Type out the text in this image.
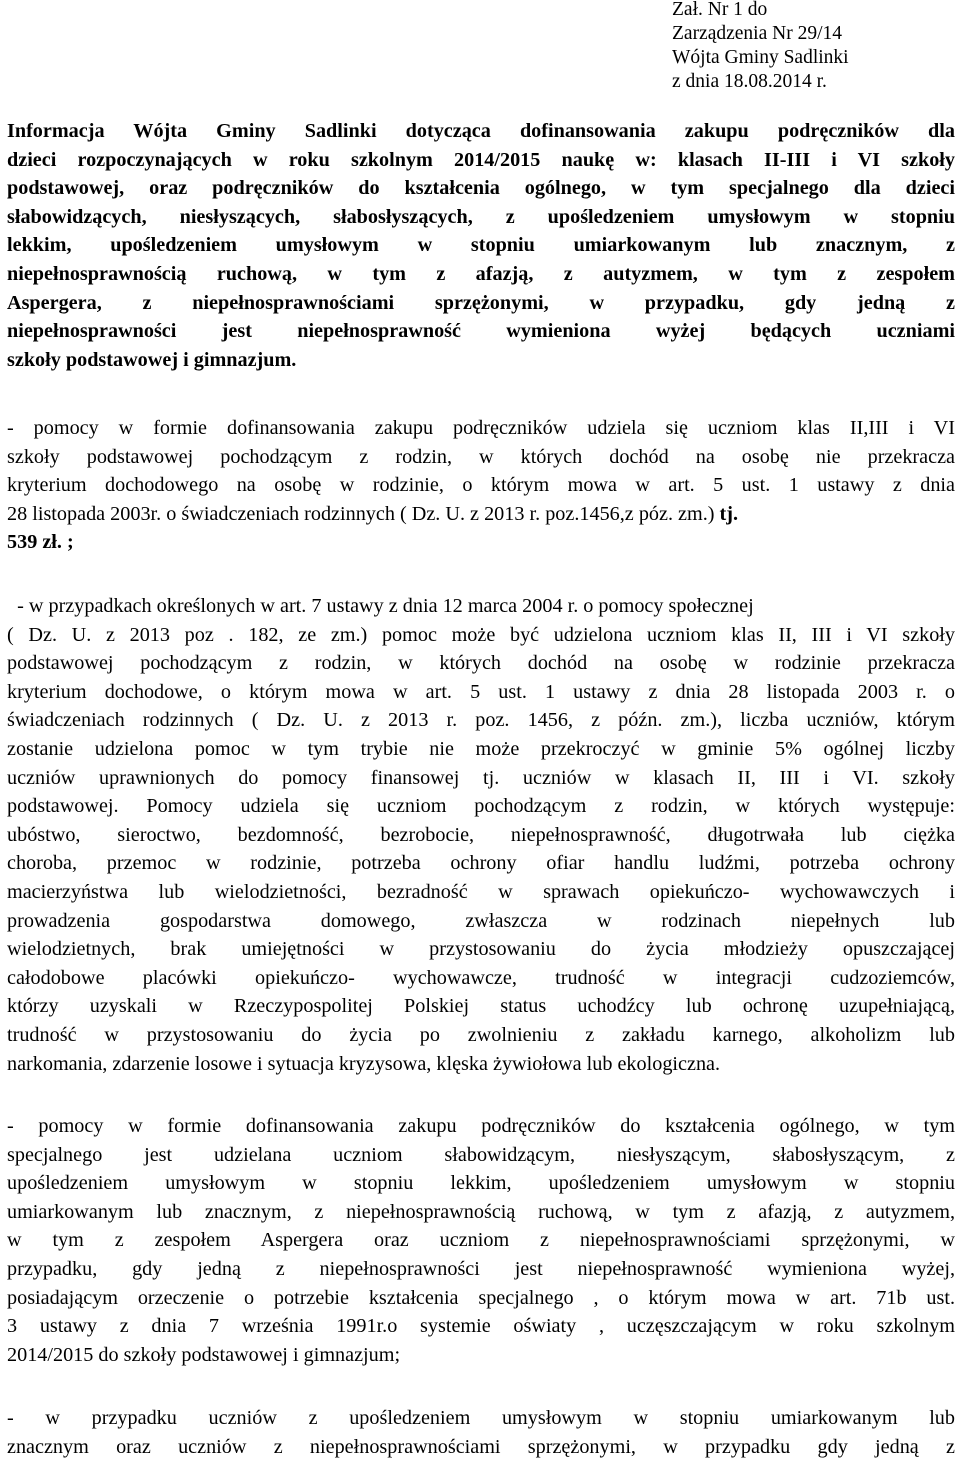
Zał. Nr 1 do
Zarządzenia Nr 29/14
Wójta Gminy Sadlinki
z dnia 18.08.2014 r.
Informacja Wójta Gminy Sadlinki dotycząca dofinansowania zakupu podręczników dla
dzieci rozpoczynających w roku szkolnym 2014/2015 naukę w: klasach II-III i VI szkoły
podstawowej, oraz podręczników do kształcenia ogólnego, w tym specjalnego dla dzieci
słabowidzących, niesłyszących, słabosłyszących, z upośledzeniem umysłowym w stopniu
lekkim, upośledzeniem umysłowym w stopniu umiarkowanym lub znacznym, z
niepełnosprawnością ruchową, w tym z afazją, z autyzmem, w tym z zespołem
Aspergera, z niepełnosprawnościami sprzężonymi, w przypadku, gdy jedną z
niepełnosprawności jest niepełnosprawność wymieniona wyżej będących uczniami
szkoły podstawowej i gimnazjum.
- pomocy w formie dofinansowania zakupu podręczników udziela się uczniom klas II,III i VI
szkoły podstawowej pochodzącym z rodzin, w których dochód na osobę nie przekracza
kryterium dochodowego na osobę w rodzinie, o którym mowa w art. 5 ust. 1 ustawy z dnia
28 listopada 2003r. o świadczeniach rodzinnych ( Dz. U. z 2013 r. poz.1456,z póz. zm.) tj.
539 zł. ;
- w przypadkach określonych w art. 7 ustawy z dnia 12 marca 2004 r. o pomocy społecznej
( Dz. U. z 2013 poz . 182, ze zm.) pomoc może być udzielona uczniom klas II, III i VI szkoły
podstawowej pochodzącym z rodzin, w których dochód na osobę w rodzinie przekracza
kryterium dochodowe, o którym mowa w art. 5 ust. 1 ustawy z dnia 28 listopada 2003 r. o
świadczeniach rodzinnych ( Dz. U. z 2013 r. poz. 1456, z późn. zm.), liczba uczniów, którym
zostanie udzielona pomoc w tym trybie nie może przekroczyć w gminie 5% ogólnej liczby
uczniów uprawnionych do pomocy finansowej tj. uczniów w klasach II, III i VI. szkoły
podstawowej. Pomocy udziela się uczniom pochodzącym z rodzin, w których występuje:
ubóstwo, sieroctwo, bezdomność, bezrobocie, niepełnosprawność, długotrwała lub ciężka
choroba, przemoc w rodzinie, potrzeba ochrony ofiar handlu ludźmi, potrzeba ochrony
macierzyństwa lub wielodzietności, bezradność w sprawach opiekuńczo- wychowawczych i
prowadzenia gospodarstwa domowego, zwłaszcza w rodzinach niepełnych lub
wielodzietnych, brak umiejętności w przystosowaniu do życia młodzieży opuszczającej
całodobowe placówki opiekuńczo- wychowawcze, trudność w integracji cudzoziemców,
którzy uzyskali w Rzeczypospolitej Polskiej status uchodźcy lub ochronę uzupełniającą,
trudność w przystosowaniu do życia po zwolnieniu z zakładu karnego, alkoholizm lub
narkomania, zdarzenie losowe i sytuacja kryzysowa, klęska żywiołowa lub ekologiczna.
- pomocy w formie dofinansowania zakupu podręczników do kształcenia ogólnego, w tym
specjalnego jest udzielana uczniom słabowidzącym, niesłyszącym, słabosłyszącym, z
upośledzeniem umysłowym w stopniu lekkim, upośledzeniem umysłowym w stopniu
umiarkowanym lub znacznym, z niepełnosprawnością ruchową, w tym z afazją, z autyzmem,
w tym z zespołem Aspergera oraz uczniom z niepełnosprawnościami sprzężonymi, w
przypadku, gdy jedną z niepełnosprawności jest niepełnosprawność wymieniona wyżej,
posiadającym orzeczenie o potrzebie kształcenia specjalnego , o którym mowa w art. 71b ust.
3 ustawy z dnia 7 września 1991r.o systemie oświaty , uczęszczającym w roku szkolnym
2014/2015 do szkoły podstawowej i gimnazjum;
- w przypadku uczniów z upośledzeniem umysłowym w stopniu umiarkowanym lub
znacznym oraz uczniów z niepełnosprawnościami sprzężonymi, w przypadku gdy jedną z
